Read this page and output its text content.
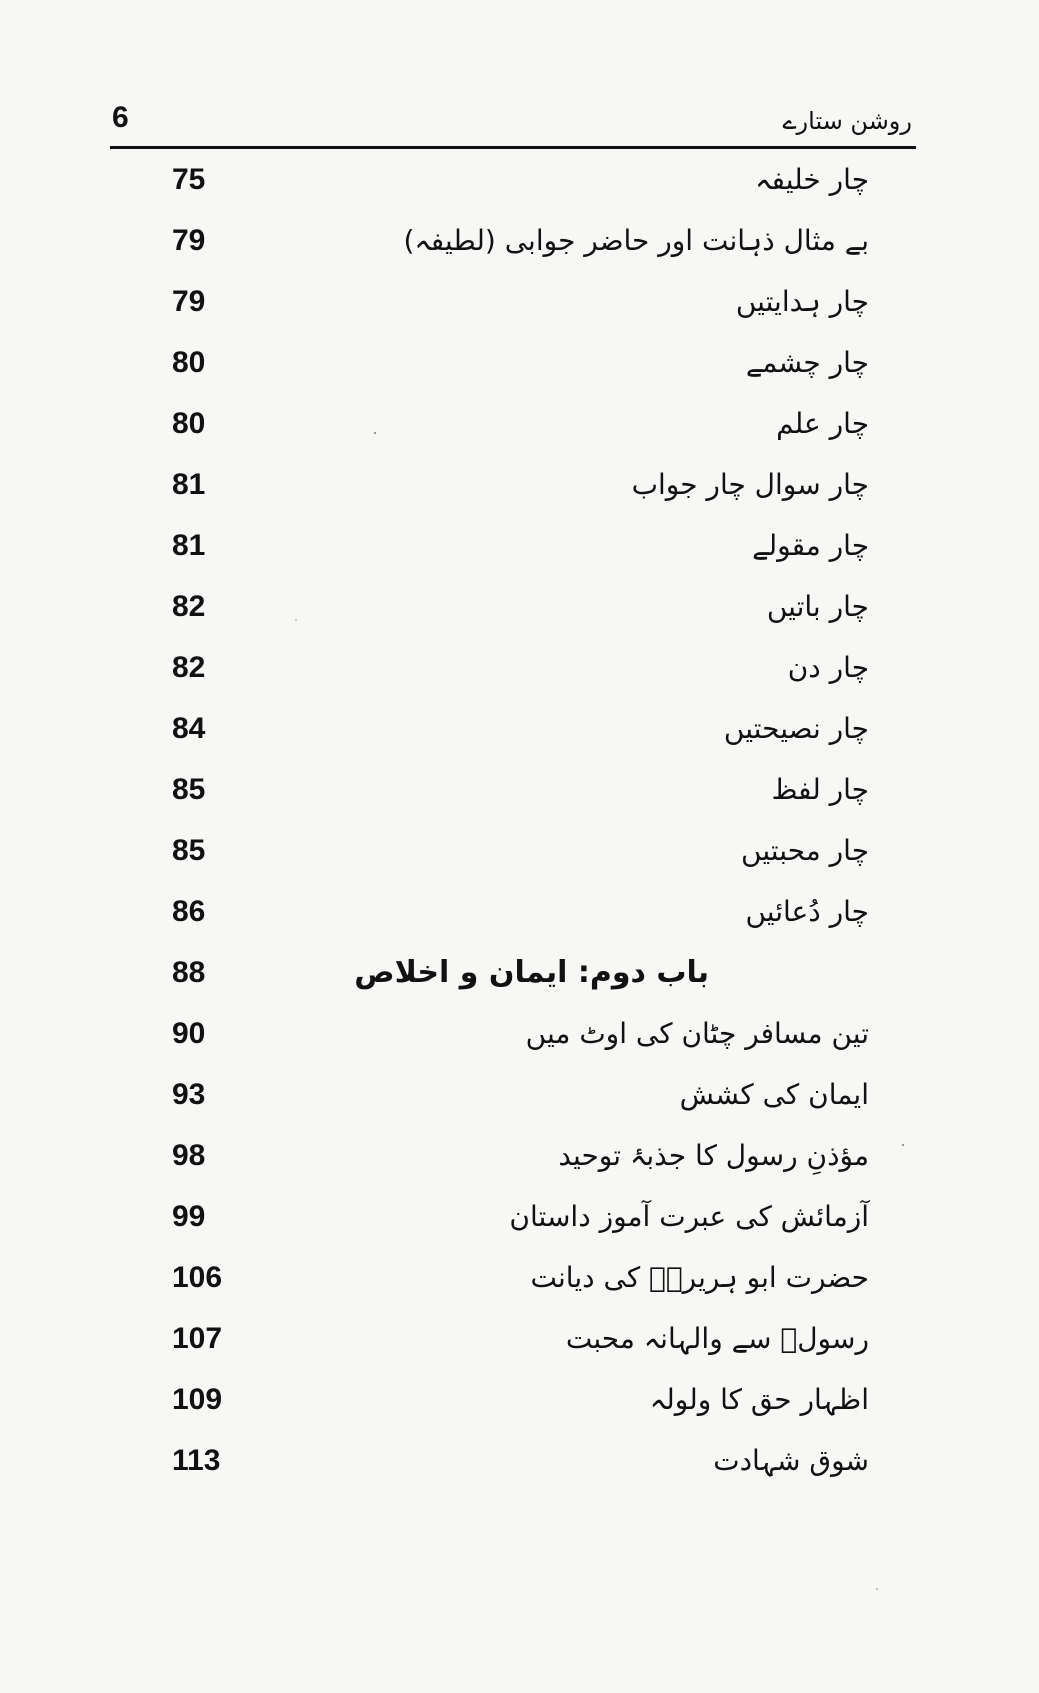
6	روشن ستارے
75	چار خلیفہ
79	بے مثال ذہانت اور حاضر جوابی (لطیفہ)
79	چار ہدایتیں
80	چار چشمے
80	چار علم
81	چار سوال چار جواب
81	چار مقولے
82	چار باتیں
82	چار دن
84	چار نصیحتیں
85	چار لفظ
85	چار محبتیں
86	چار دُعائیں
88	باب دوم: ایمان و اخلاص
90	تین مسافر چٹان کی اوٹ میں
93	ایمان کی کشش
98	مؤذنِ رسول کا جذبۂ توحید
99	آزمائش کی عبرت آموز داستان
106	حضرت ابو ہریرہؓ کی دیانت
107	رسولؐ سے والہانہ محبت
109	اظہار حق کا ولولہ
113	شوق شہادت
